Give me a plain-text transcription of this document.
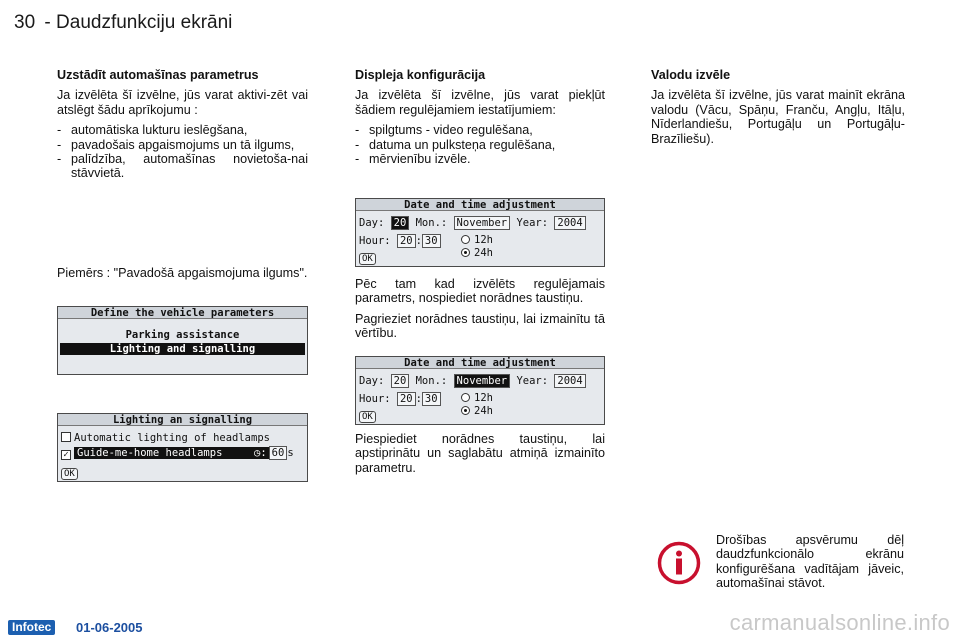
30 - Daudzfunkciju ekrāni
Uzstādīt automašīnas parametrus

Ja izvēlēta šī izvēlne, jūs varat aktivi-zēt vai atslēgt šādu aprīkojumu :

- automātiska lukturu ieslēgšana,
- pavadošais apgaismojums un tā ilgums,
- palīdzība, automašīnas novietoša-nai stāvvietā.

Piemērs : "Pavadošā apgaismojuma ilgums".

Define the vehicle parameters
Parking assistance
Lighting and signalling
Lighting an signalling
Automatic lighting of headlamps
✓ Guide-me-home headlamps	◷: 60 s
OK
Displeja konfigurācija

Ja izvēlēta šī izvēlne, jūs varat piekļūt šādiem regulējamiem iestatījumiem:

- spilgtums - video regulēšana,
- datuma un pulksteņa regulēšana,
- mērvienību izvēle.
Date and time adjustment
Day: 20 Mon.: November Year: 2004
Hour: 20 : 30	12h
24h
OK

Pēc tam kad izvēlēts regulējamais parametrs, nospiediet norādnes taustiņu.

Pagrieziet norādnes taustiņu, lai izmainītu tā vērtību.

Date and time adjustment
Day: 20 Mon.: November Year: 2004
Hour: 20 : 30	12h
24h
OK

Piespiediet norādnes taustiņu, lai apstiprinātu un saglabātu atmiņā izmainīto parametru.

Valodu izvēle

Ja izvēlēta šī izvēlne, jūs varat mainīt ekrāna valodu (Vācu, Spāņu, Franču, Angļu, Itāļu, Nīderlandiešu, Portugāļu un Portugāļu- Brazīliešu).

Drošības apsvērumu dēļ daudzfunkcionālo ekrānu konfigurēšana vadītājam jāveic, automašīnai stāvot.
Infotec	01-06-2005	carmanualsonline.info
